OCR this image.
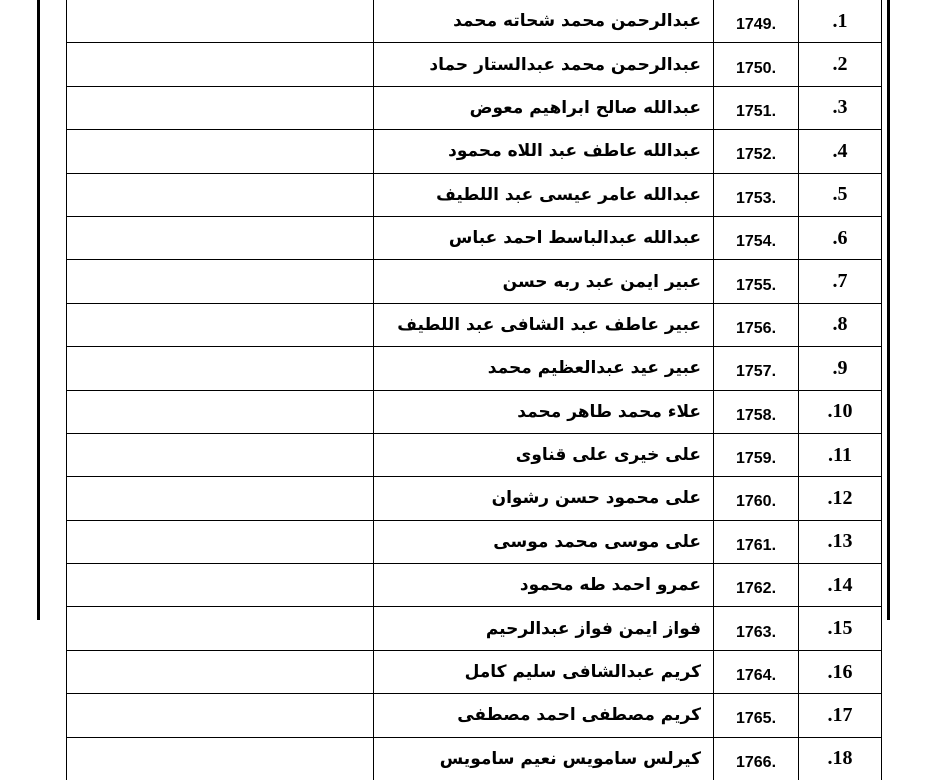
	عبدالرحمن محمد شحاته محمد	1749.	.1
	عبدالرحمن محمد عبدالستار حماد	1750.	.2
	عبدالله صالح ابراهيم معوض	1751.	.3
	عبدالله عاطف عبد اللاه محمود	1752.	.4
	عبدالله عامر عيسى عبد اللطيف	1753.	.5
	عبدالله عبدالباسط احمد عباس	1754.	.6
	عبير ايمن عبد ربه حسن	1755.	.7
	عبير عاطف عبد الشافى عبد اللطيف	1756.	.8
	عبير عيد عبدالعظيم محمد	1757.	.9
	علاء محمد طاهر محمد	1758.	.10
	على خيرى على قناوى	1759.	.11
	على محمود حسن رشوان	1760.	.12
	على موسى محمد موسى	1761.	.13
	عمرو احمد طه محمود	1762.	.14
	فواز ايمن فواز عبدالرحيم	1763.	.15
	كريم عبدالشافى سليم كامل	1764.	.16
	كريم مصطفى احمد مصطفى	1765.	.17
	كيرلس سامويس نعيم سامويس	1766.	.18
